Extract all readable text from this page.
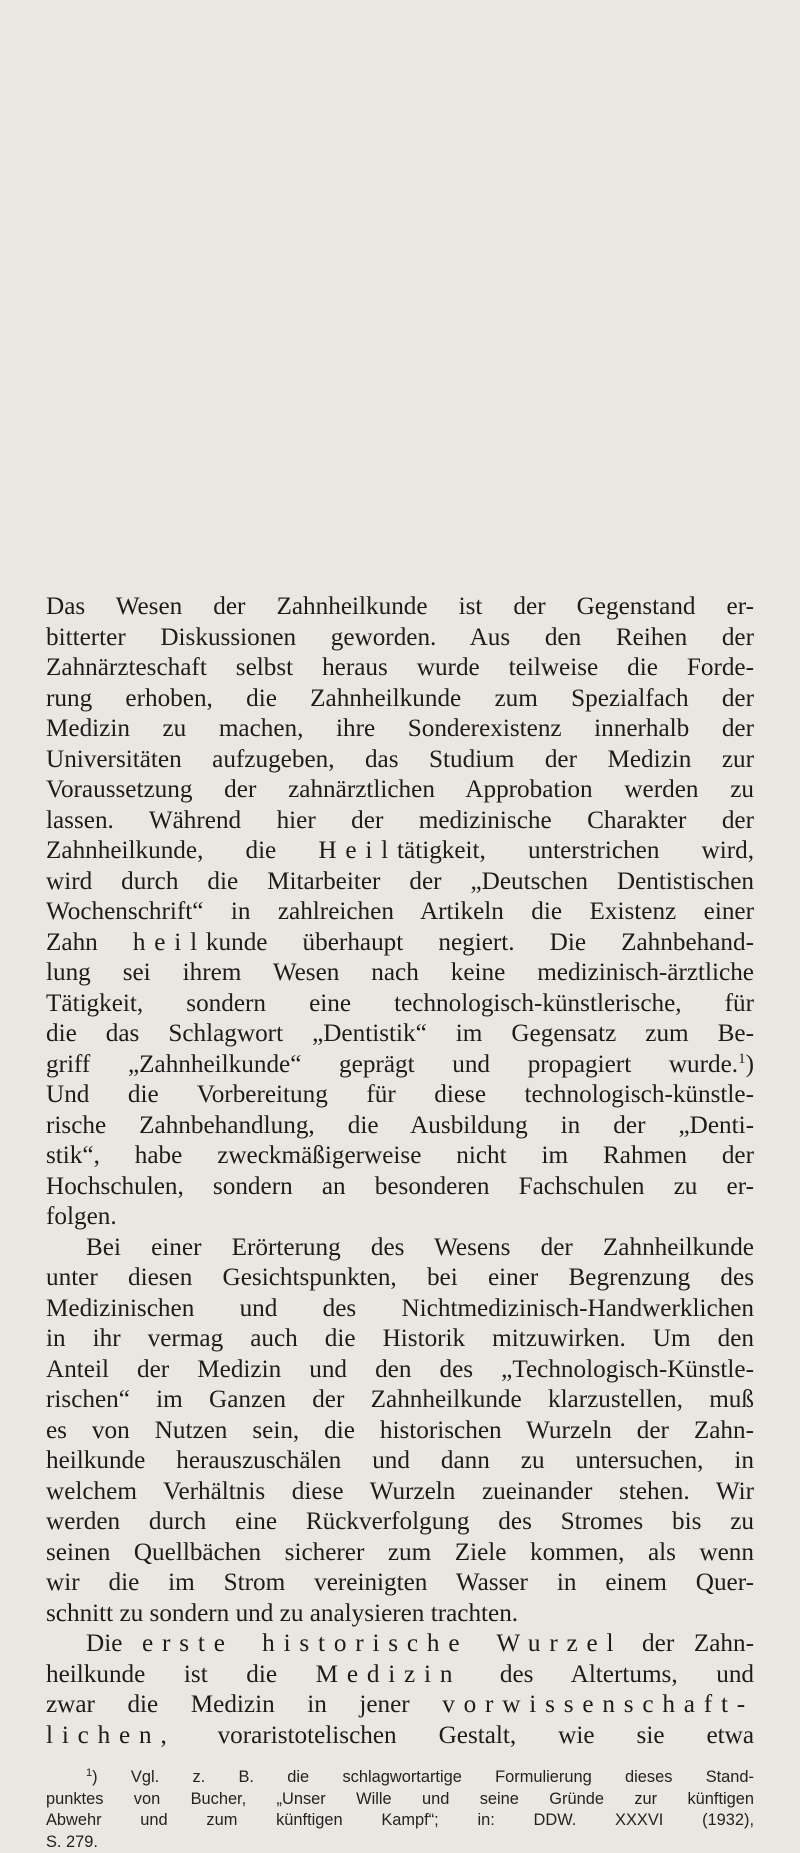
Das Wesen der Zahnheilkunde ist der Gegenstand er-
bitterter Diskussionen geworden. Aus den Reihen der
Zahnärzteschaft selbst heraus wurde teilweise die Forde-
rung erhoben, die Zahnheilkunde zum Spezialfach der
Medizin zu machen, ihre Sonderexistenz innerhalb der
Universitäten aufzugeben, das Studium der Medizin zur
Voraussetzung der zahnärztlichen Approbation werden zu
lassen. Während hier der medizinische Charakter der
Zahnheilkunde, die Heiltätigkeit, unterstrichen wird,
wird durch die Mitarbeiter der „Deutschen Dentistischen
Wochenschrift“ in zahlreichen Artikeln die Existenz einer
Zahn heilkunde überhaupt negiert. Die Zahnbehand-
lung sei ihrem Wesen nach keine medizinisch-ärztliche
Tätigkeit, sondern eine technologisch-künstlerische, für
die das Schlagwort „Dentistik“ im Gegensatz zum Be-
griff „Zahnheilkunde“ geprägt und propagiert wurde.$^1$)
Und die Vorbereitung für diese technologisch-künstle-
rische Zahnbehandlung, die Ausbildung in der „Denti-
stik“, habe zweckmäßigerweise nicht im Rahmen der
Hochschulen, sondern an besonderen Fachschulen zu er-
folgen.
Bei einer Erörterung des Wesens der Zahnheilkunde
unter diesen Gesichtspunkten, bei einer Begrenzung des
Medizinischen und des Nichtmedizinisch-Handwerklichen
in ihr vermag auch die Historik mitzuwirken. Um den
Anteil der Medizin und den des „Technologisch-Künstle-
rischen“ im Ganzen der Zahnheilkunde klarzustellen, muß
es von Nutzen sein, die historischen Wurzeln der Zahn-
heilkunde herauszuschälen und dann zu untersuchen, in
welchem Verhältnis diese Wurzeln zueinander stehen. Wir
werden durch eine Rückverfolgung des Stromes bis zu
seinen Quellbächen sicherer zum Ziele kommen, als wenn
wir die im Strom vereinigten Wasser in einem Quer-
schnitt zu sondern und zu analysieren trachten.
Die erste historische Wurzel der Zahn-
heilkunde ist die Medizin des Altertums, und
zwar die Medizin in jener vorwissenschaft-
lichen, voraristotelischen Gestalt, wie sie etwa
$^1$) Vgl. z. B. die schlagwortartige Formulierung dieses Stand-
punktes von Bucher, „Unser Wille und seine Gründe zur künftigen
Abwehr und zum künftigen Kampf“; in: DDW. XXXVI (1932),
S. 279.
